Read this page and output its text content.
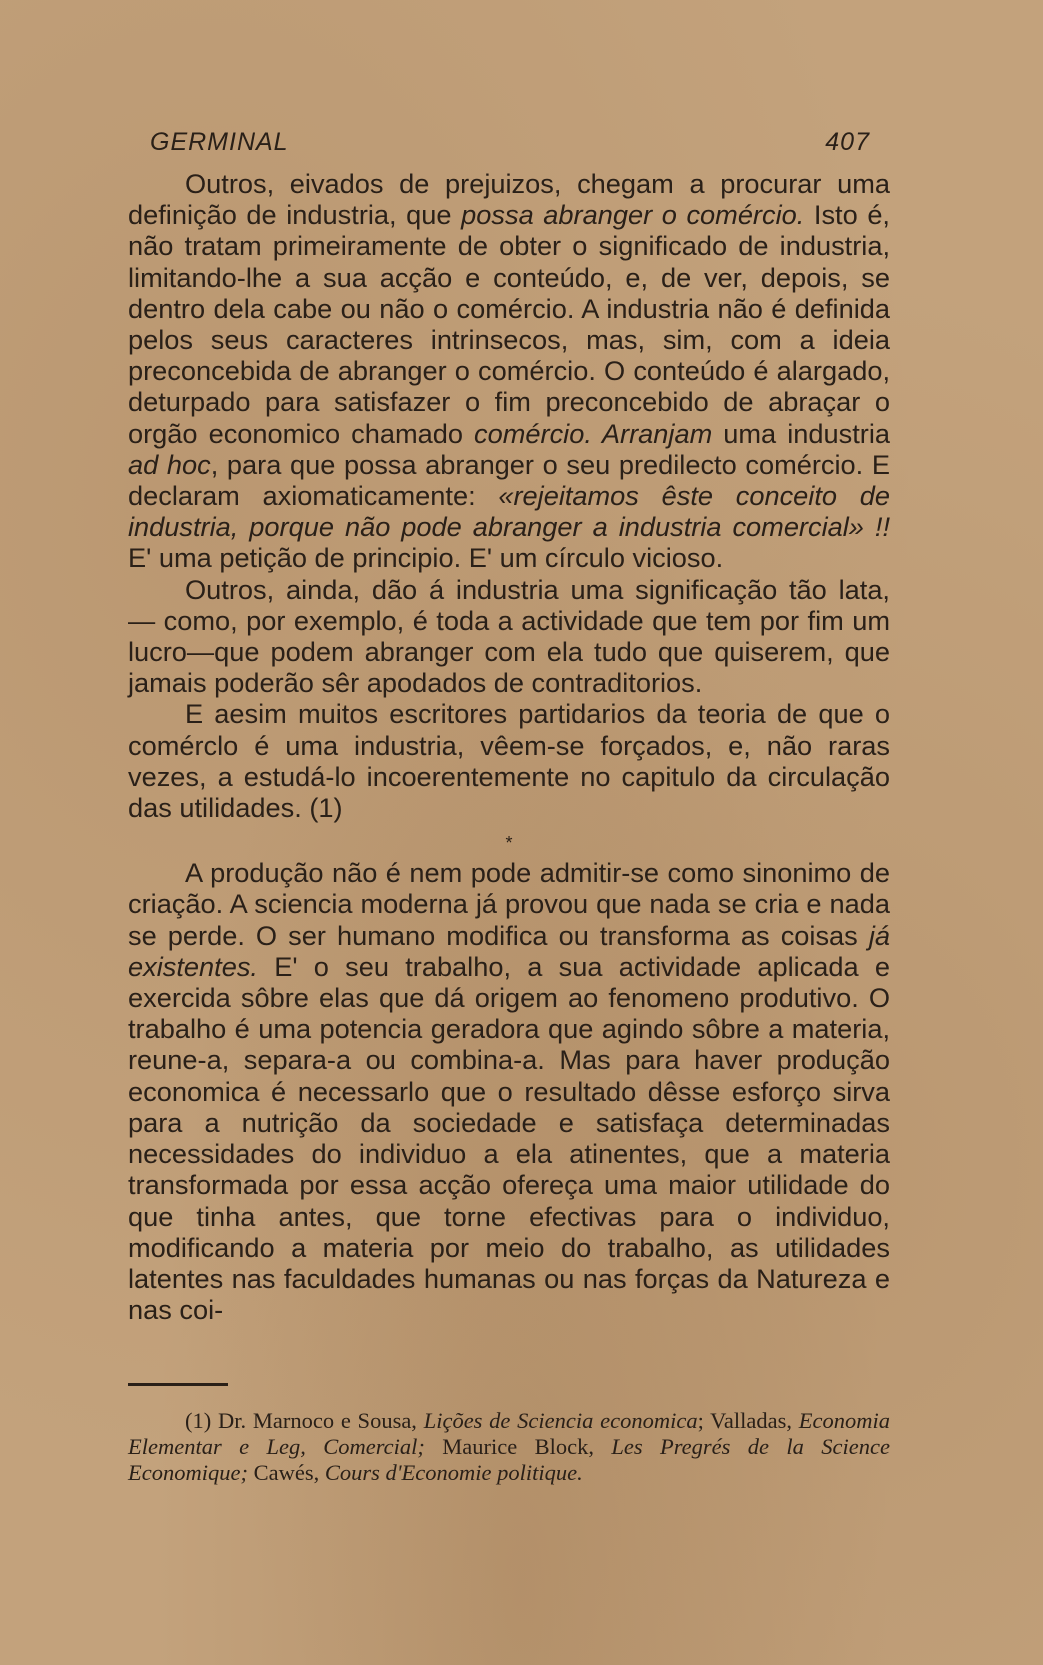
GERMINAL	407

Outros, eivados de prejuizos, chegam a procurar uma definição de industria, que possa abranger o comércio. Isto é, não tratam primeiramente de obter o significado de industria, limitando-lhe a sua acção e conteúdo, e, de ver, depois, se dentro dela cabe ou não o comércio. A industria não é definida pelos seus caracteres intrinsecos, mas, sim, com a ideia preconcebida de abranger o comércio. O conteúdo é alargado, deturpado para satisfazer o fim preconcebido de abraçar o orgão economico chamado comércio. Arranjam uma industria ad hoc, para que possa abranger o seu predilecto comércio. E declaram axiomaticamente: «rejeitamos êste conceito de industria, porque não pode abranger a industria comercial» !! E' uma petição de principio. E' um círculo vicioso.

Outros, ainda, dão á industria uma significação tão lata, — como, por exemplo, é toda a actividade que tem por fim um lucro—que podem abranger com ela tudo que quiserem, que jamais poderão sêr apodados de contraditorios.

E aesim muitos escritores partidarios da teoria de que o comérclo é uma industria, vêem-se forçados, e, não raras vezes, a estudá-lo incoerentemente no capitulo da circulação das utilidades. (1)

*

A produção não é nem pode admitir-se como sinonimo de criação. A sciencia moderna já provou que nada se cria e nada se perde. O ser humano modifica ou transforma as coisas já existentes. E' o seu trabalho, a sua actividade aplicada e exercida sôbre elas que dá origem ao fenomeno produtivo. O trabalho é uma potencia geradora que agindo sôbre a materia, reune-a, separa-a ou combina-a. Mas para haver produção economica é necessarlo que o resultado dêsse esforço sirva para a nutrição da sociedade e satisfaça determinadas necessidades do individuo a ela atinentes, que a materia transformada por essa acção ofereça uma maior utilidade do que tinha antes, que torne efectivas para o individuo, modificando a materia por meio do trabalho, as utilidades latentes nas faculdades humanas ou nas forças da Natureza e nas coi-

(1) Dr. Marnoco e Sousa, Lições de Sciencia economica; Valladas, Economia Elementar e Leg, Comercial; Maurice Block, Les Pregrés de la Science Economique; Cawés, Cours d'Economie politique.
